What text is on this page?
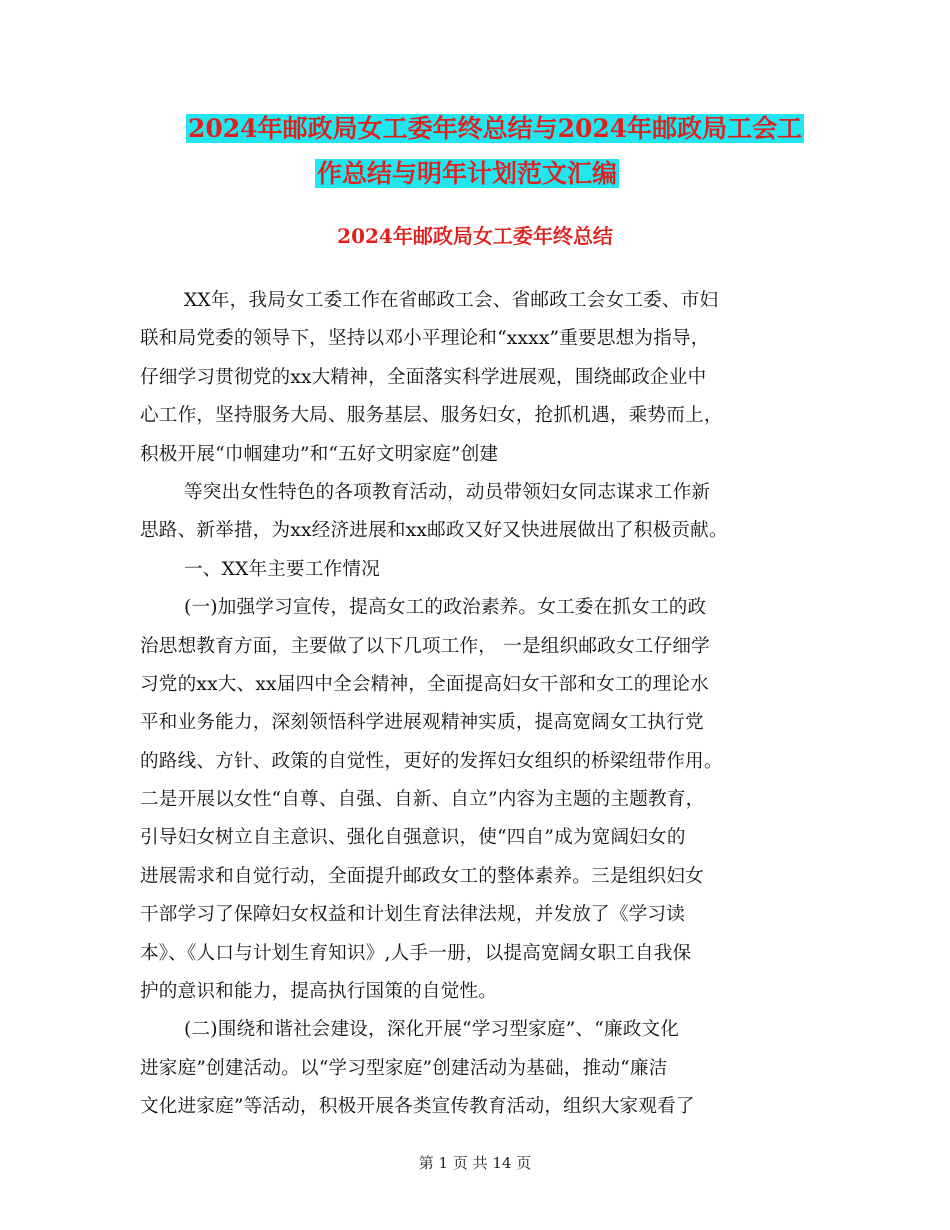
2024年邮政局女工委年终总结与2024年邮政局工会工
作总结与明年计划范文汇编
2024年邮政局女工委年终总结
XX年，我局女工委工作在省邮政工会、省邮政工会女工委、市妇
联和局党委的领导下，坚持以邓小平理论和“xxxx”重要思想为指导，
仔细学习贯彻党的xx大精神，全面落实科学进展观，围绕邮政企业中
心工作，坚持服务大局、服务基层、服务妇女，抢抓机遇，乘势而上，
积极开展“巾帼建功”和“五好文明家庭”创建
等突出女性特色的各项教育活动，动员带领妇女同志谋求工作新
思路、新举措，为xx经济进展和xx邮政又好又快进展做出了积极贡献。
一、XX年主要工作情况
(一)加强学习宣传，提高女工的政治素养。女工委在抓女工的政
治思想教育方面，主要做了以下几项工作， 一是组织邮政女工仔细学
习党的xx大、xx届四中全会精神，全面提高妇女干部和女工的理论水
平和业务能力，深刻领悟科学进展观精神实质，提高宽阔女工执行党
的路线、方针、政策的自觉性，更好的发挥妇女组织的桥梁纽带作用。
二是开展以女性“自尊、自强、自新、自立”内容为主题的主题教育，
引导妇女树立自主意识、强化自强意识，使“四自”成为宽阔妇女的
进展需求和自觉行动，全面提升邮政女工的整体素养。三是组织妇女
干部学习了保障妇女权益和计划生育法律法规，并发放了《学习读
本》、《人口与计划生育知识》,人手一册，以提高宽阔女职工自我保
护的意识和能力，提高执行国策的自觉性。
(二)围绕和谐社会建设，深化开展“学习型家庭”、“廉政文化
进家庭”创建活动。以“学习型家庭”创建活动为基础，推动“廉洁
文化进家庭”等活动，积极开展各类宣传教育活动，组织大家观看了
第 1 页 共 14 页
